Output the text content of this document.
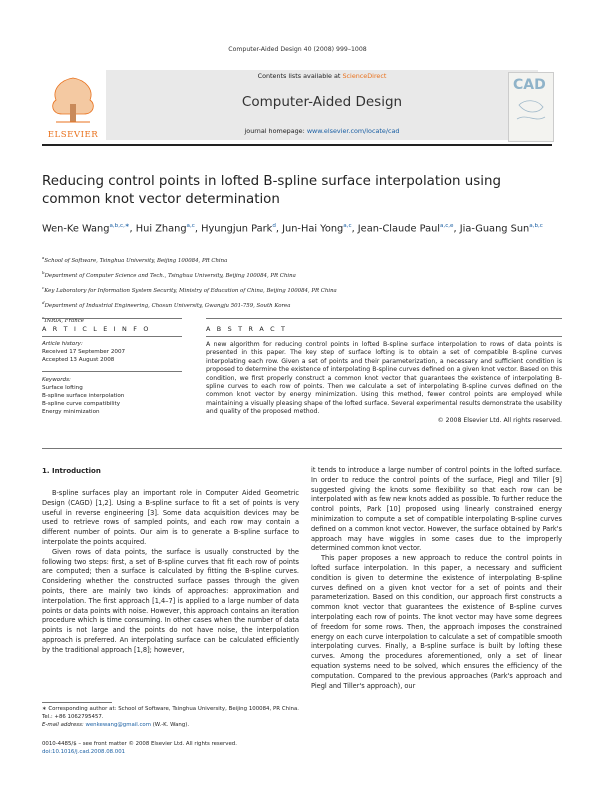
Computer-Aided Design 40 (2008) 999–1008
ELSEVIER
Contents lists available at ScienceDirect
Computer-Aided Design
journal homepage: www.elsevier.com/locate/cad
CAD
Reducing control points in lofted B-spline surface interpolation using common knot vector determination
Wen-Ke Wang$^{a,b,c,∗}$, Hui Zhang$^{a,c}$, Hyungjun Park$^d$, Jun-Hai Yong$^{a,c}$, Jean-Claude Paul$^{a,c,e}$, Jia-Guang Sun$^{a,b,c}$
$^a$School of Software, Tsinghua University, Beijing 100084, PR China
$^b$Department of Computer Science and Tech., Tsinghua University, Beijing 100084, PR China
$^c$Key Laboratory for Information System Security, Ministry of Education of China, Beijing 100084, PR China
$^d$Department of Industrial Engineering, Chosun University, Gwangju 501-759, South Korea
$^e$INRIA, France
A R T I C L E I N F O	A B S T R A C T
Article history:
Received 17 September 2007
Accepted 13 August 2008
Keywords:
Surface lofting
B-spline surface interpolation
B-spline curve compatibility
Energy minimization
A new algorithm for reducing control points in lofted B-spline surface interpolation to rows of data points is presented in this paper. The key step of surface lofting is to obtain a set of compatible B-spline curves interpolating each row. Given a set of points and their parameterization, a necessary and sufficient condition is proposed to determine the existence of interpolating B-spline curves defined on a given knot vector. Based on this condition, we first properly construct a common knot vector that guarantees the existence of interpolating B-spline curves to each row of points. Then we calculate a set of interpolating B-spline curves defined on the common knot vector by energy minimization. Using this method, fewer control points are employed while maintaining a visually pleasing shape of the lofted surface. Several experimental results demonstrate the usability and quality of the proposed method.
© 2008 Elsevier Ltd. All rights reserved.
1. Introduction

B-spline surfaces play an important role in Computer Aided Geometric Design (CAGD) [1,2]. Using a B-spline surface to fit a set of points is very useful in reverse engineering [3]. Some data acquisition devices may be used to retrieve rows of sampled points, and each row may contain a different number of points. Our aim is to generate a B-spline surface to interpolate the points acquired.

Given rows of data points, the surface is usually constructed by the following two steps: first, a set of B-spline curves that fit each row of points are computed; then a surface is calculated by fitting the B-spline curves. Considering whether the constructed surface passes through the given points, there are mainly two kinds of approaches: approximation and interpolation. The first approach [1,4–7] is applied to a large number of data points or data points with noise. However, this approach contains an iteration procedure which is time consuming. In other cases when the number of data points is not large and the points do not have noise, the interpolation approach is preferred. An interpolating surface can be calculated efficiently by the traditional approach [1,8]; however,

it tends to introduce a large number of control points in the lofted surface. In order to reduce the control points of the surface, Piegl and Tiller [9] suggested giving the knots some flexibility so that each row can be interpolated with as few new knots added as possible. To further reduce the control points, Park [10] proposed using linearly constrained energy minimization to compute a set of compatible interpolating B-spline curves defined on a common knot vector. However, the surface obtained by Park's approach may have wiggles in some cases due to the improperly determined common knot vector.

This paper proposes a new approach to reduce the control points in lofted surface interpolation. In this paper, a necessary and sufficient condition is given to determine the existence of interpolating B-spline curves defined on a given knot vector for a set of points and their parameterization. Based on this condition, our approach first constructs a common knot vector that guarantees the existence of B-spline curves interpolating each row of points. The knot vector may have some degrees of freedom for some rows. Then, the approach imposes the constrained energy on each curve interpolation to calculate a set of compatible smooth interpolating curves. Finally, a B-spline surface is built by lofting these curves. Among the procedures aforementioned, only a set of linear equation systems need to be solved, which ensures the efficiency of the computation. Compared to the previous approaches (Park's approach and Piegl and Tiller's approach), our

∗ Corresponding author at: School of Software, Tsinghua University, Beijing 100084, PR China. Tel.: +86 1062795457.
E-mail address: wenkewang@gmail.com (W.-K. Wang).
0010-4485/$ – see front matter © 2008 Elsevier Ltd. All rights reserved.
doi:10.1016/j.cad.2008.08.001
